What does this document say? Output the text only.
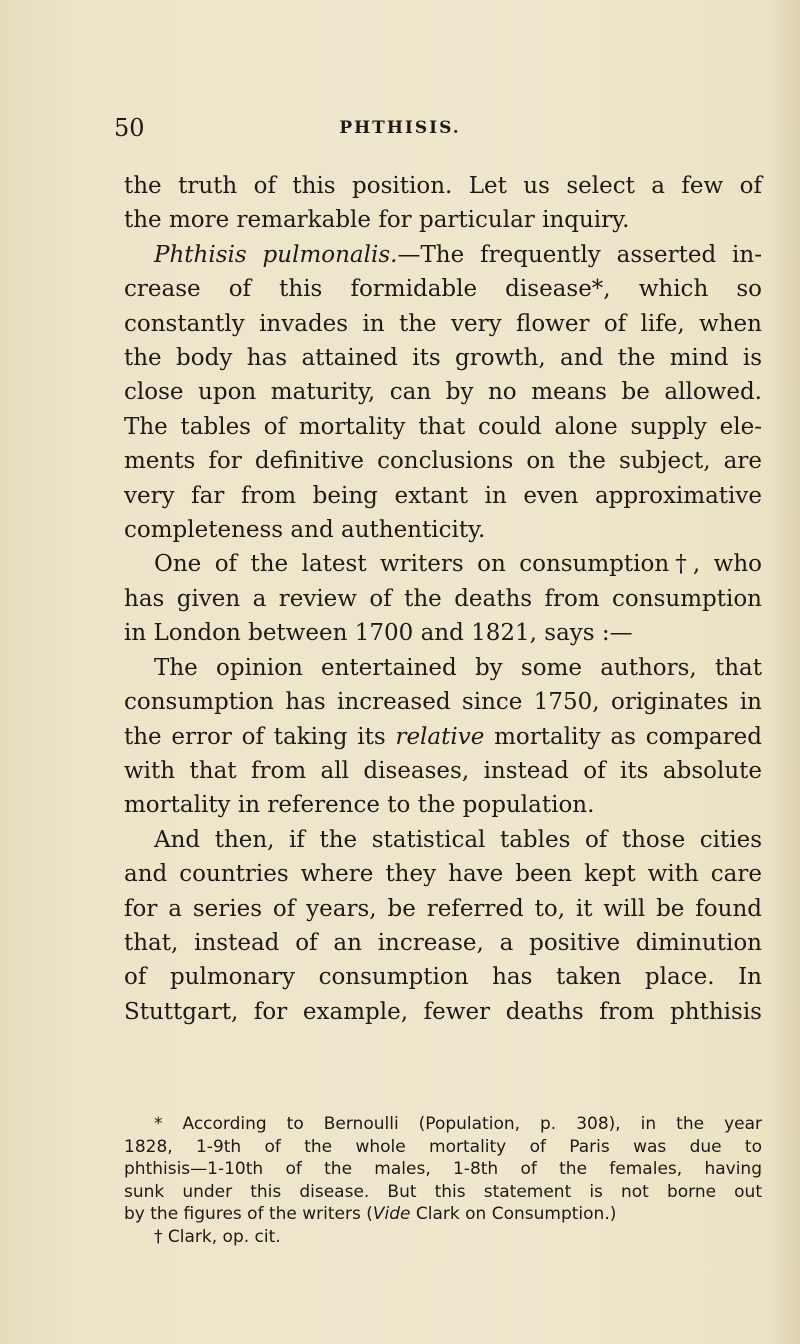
50	PHTHISIS.
the truth of this position. Let us select a few of
the more remarkable for particular inquiry.
Phthisis pulmonalis.—The frequently asserted in-
crease of this formidable disease*, which so
constantly invades in the very flower of life, when
the body has attained its growth, and the mind is
close upon maturity, can by no means be allowed.
The tables of mortality that could alone supply ele-
ments for definitive conclusions on the subject, are
very far from being extant in even approximative
completeness and authenticity.
One of the latest writers on consumption†, who
has given a review of the deaths from consumption
in London between 1700 and 1821, says :—
The opinion entertained by some authors, that
consumption has increased since 1750, originates in
the error of taking its relative mortality as compared
with that from all diseases, instead of its absolute
mortality in reference to the population.
And then, if the statistical tables of those cities
and countries where they have been kept with care
for a series of years, be referred to, it will be found
that, instead of an increase, a positive diminution
of pulmonary consumption has taken place. In
Stuttgart, for example, fewer deaths from phthisis
* According to Bernoulli (Population, p. 308), in the year
1828, 1-9th of the whole mortality of Paris was due to
phthisis—1-10th of the males, 1-8th of the females, having
sunk under this disease. But this statement is not borne out
by the figures of the writers (Vide Clark on Consumption.)
† Clark, op. cit.
